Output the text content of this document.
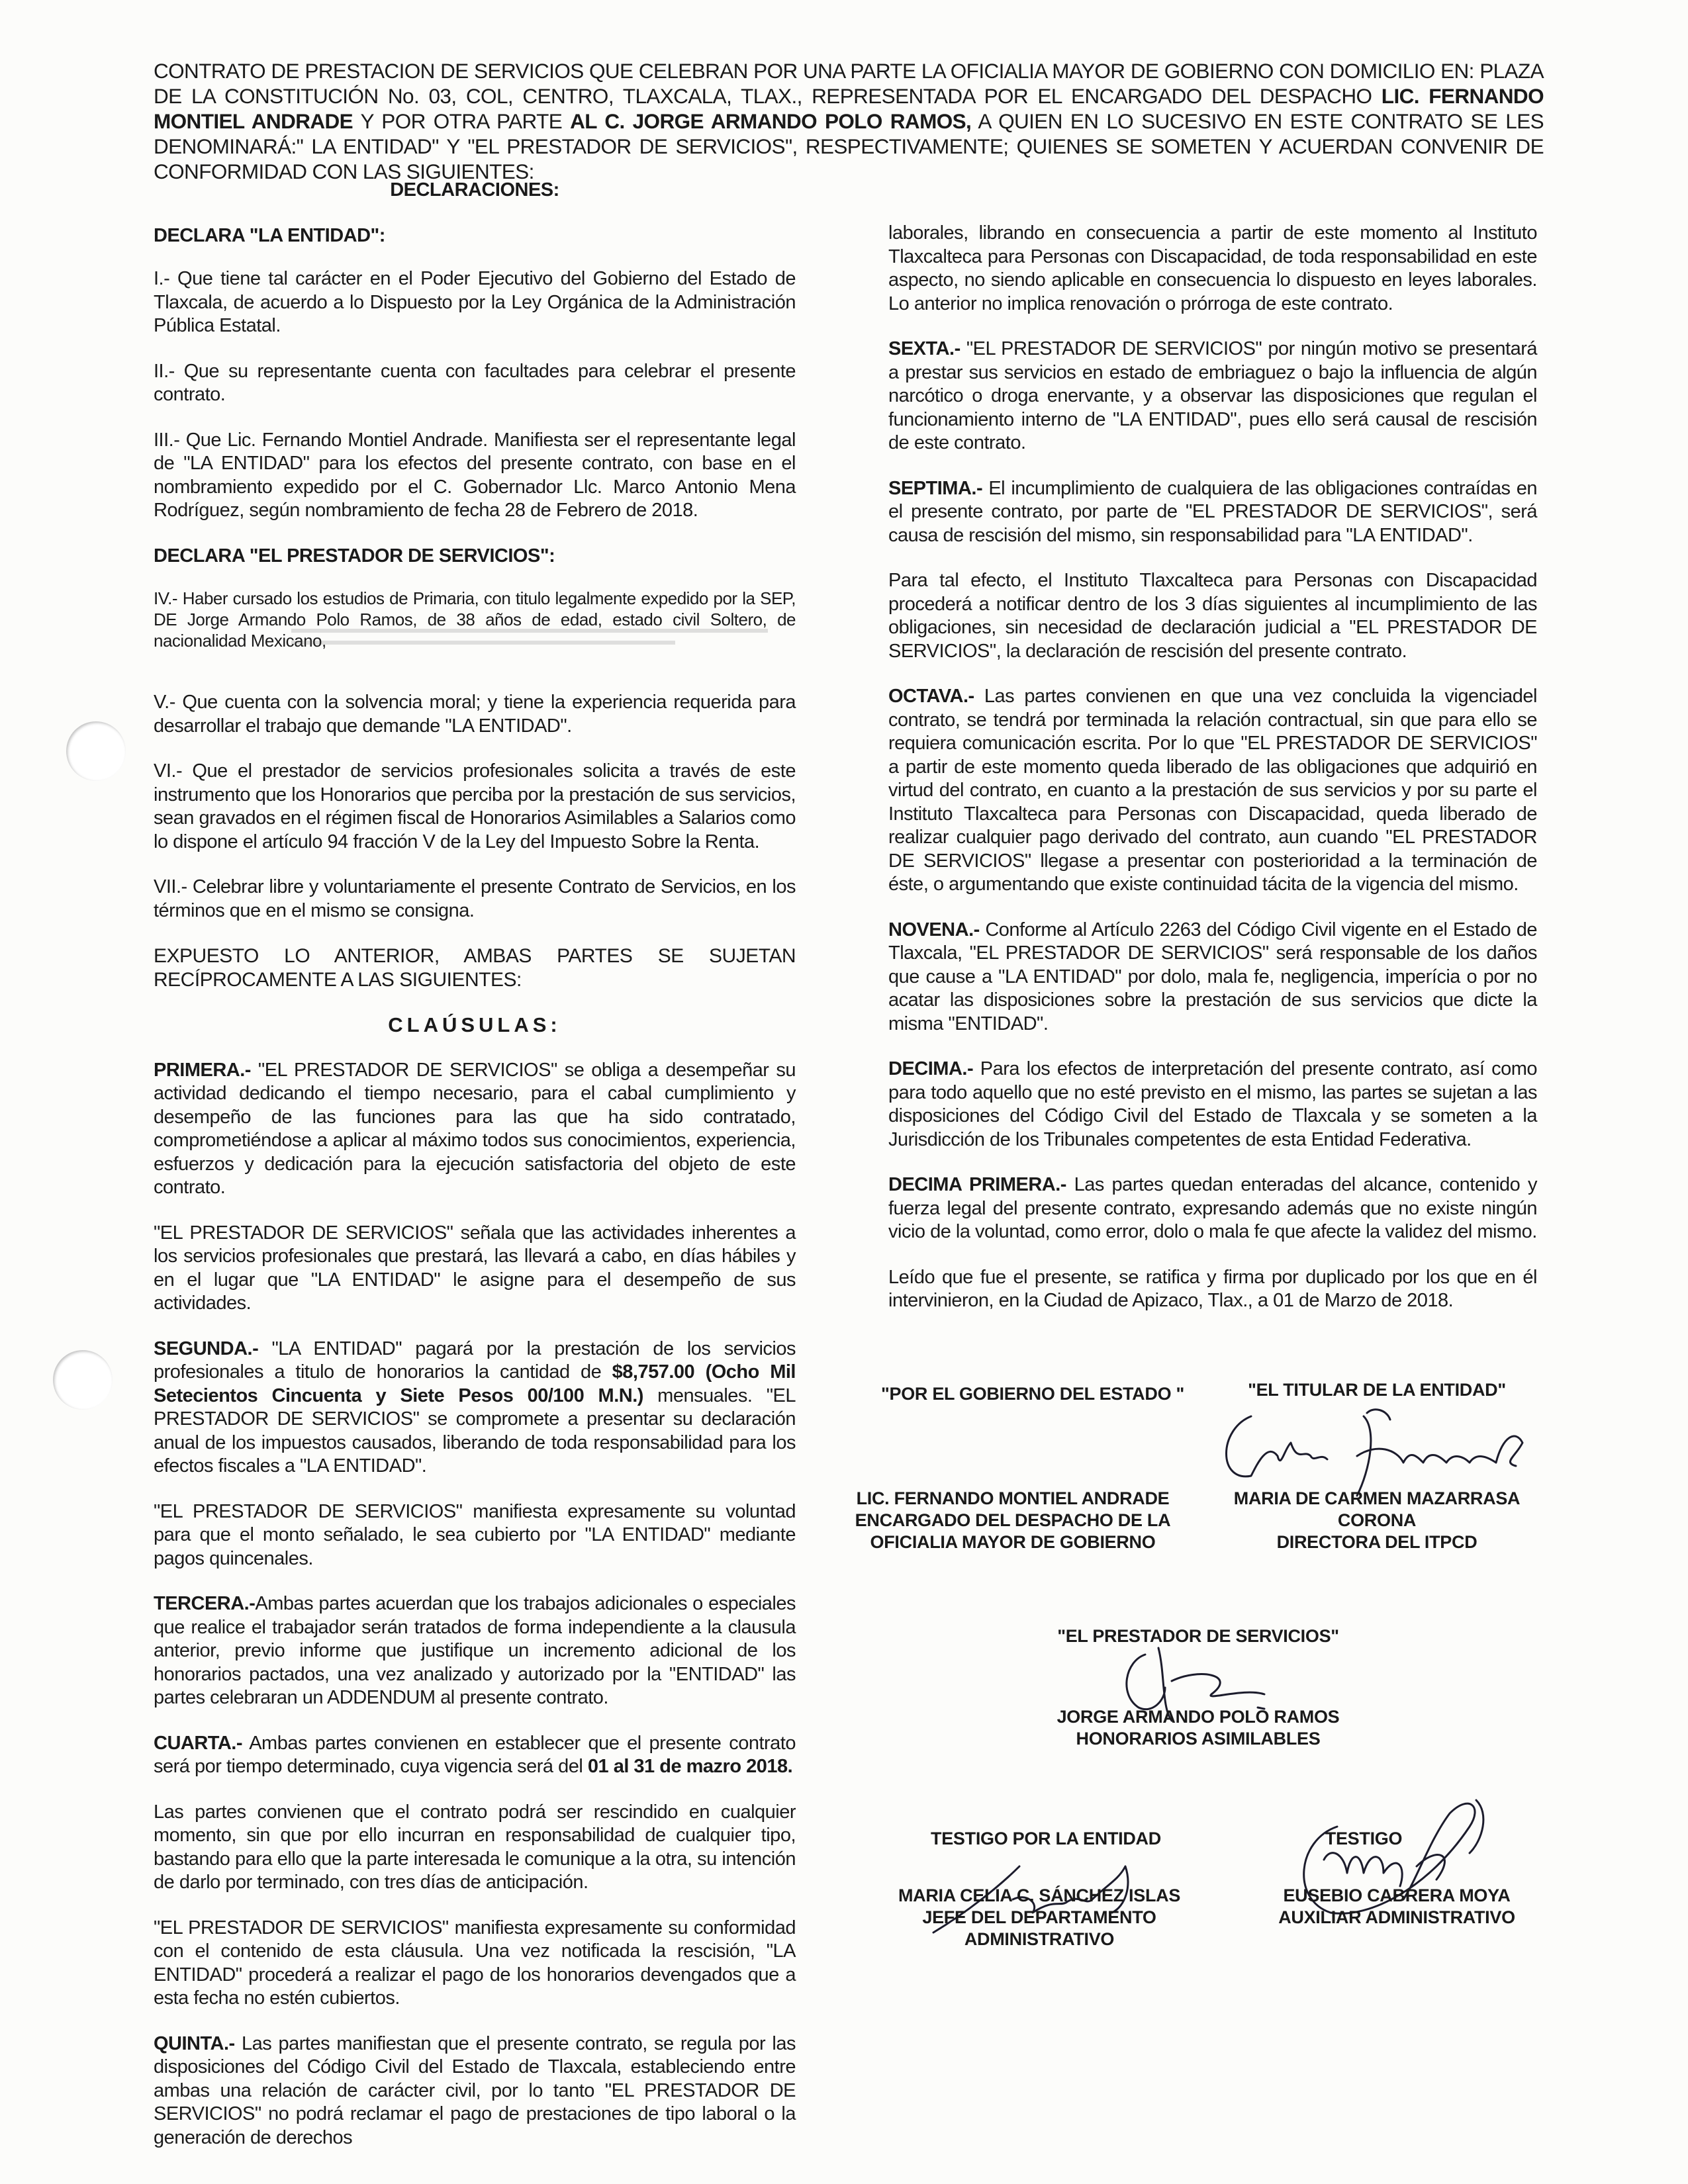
CONTRATO DE PRESTACION DE SERVICIOS QUE CELEBRAN POR UNA PARTE LA OFICIALIA MAYOR DE GOBIERNO CON DOMICILIO EN: PLAZA DE LA CONSTITUCIÓN No. 03, COL, CENTRO, TLAXCALA, TLAX., REPRESENTADA POR EL ENCARGADO DEL DESPACHO LIC. FERNANDO MONTIEL ANDRADE Y POR OTRA PARTE AL C. JORGE ARMANDO POLO RAMOS, A QUIEN EN LO SUCESIVO EN ESTE CONTRATO SE LES DENOMINARÁ:" LA ENTIDAD" Y "EL PRESTADOR DE SERVICIOS", RESPECTIVAMENTE; QUIENES SE SOMETEN Y ACUERDAN CONVENIR DE CONFORMIDAD CON LAS SIGUIENTES:

DECLARACIONES:

DECLARA "LA ENTIDAD":

I.- Que tiene tal carácter en el Poder Ejecutivo del Gobierno del Estado de Tlaxcala, de acuerdo a lo Dispuesto por la Ley Orgánica de la Administración Pública Estatal.

II.- Que su representante cuenta con facultades para celebrar el presente contrato.

III.- Que Lic. Fernando Montiel Andrade. Manifiesta ser el representante legal de "LA ENTIDAD" para los efectos del presente contrato, con base en el nombramiento expedido por el C. Gobernador Llc. Marco Antonio Mena Rodríguez, según nombramiento de fecha 28 de Febrero de 2018.

DECLARA "EL PRESTADOR DE SERVICIOS":

IV.- Haber cursado los estudios de Primaria, con titulo legalmente expedido por la SEP, DE Jorge Armando Polo Ramos, de 38 años de edad, estado civil Soltero, de nacionalidad Mexicano,

V.- Que cuenta con la solvencia moral; y tiene la experiencia requerida para desarrollar el trabajo que demande "LA ENTIDAD".

VI.- Que el prestador de servicios profesionales solicita a través de este instrumento que los Honorarios que perciba por la prestación de sus servicios, sean gravados en el régimen fiscal de Honorarios Asimilables a Salarios como lo dispone el artículo 94 fracción V de la Ley del Impuesto Sobre la Renta.

VII.- Celebrar libre y voluntariamente el presente Contrato de Servicios, en los términos que en el mismo se consigna.

EXPUESTO LO ANTERIOR, AMBAS PARTES SE SUJETAN RECÍPROCAMENTE A LAS SIGUIENTES:

CLAÚSULAS:

PRIMERA.- "EL PRESTADOR DE SERVICIOS" se obliga a desempeñar su actividad dedicando el tiempo necesario, para el cabal cumplimiento y desempeño de las funciones para las que ha sido contratado, comprometiéndose a aplicar al máximo todos sus conocimientos, experiencia, esfuerzos y dedicación para la ejecución satisfactoria del objeto de este contrato.

"EL PRESTADOR DE SERVICIOS" señala que las actividades inherentes a los servicios profesionales que prestará, las llevará a cabo, en días hábiles y en el lugar que "LA ENTIDAD" le asigne para el desempeño de sus actividades.

SEGUNDA.- "LA ENTIDAD" pagará por la prestación de los servicios profesionales a titulo de honorarios la cantidad de $8,757.00 (Ocho Mil Setecientos Cincuenta y Siete Pesos 00/100 M.N.) mensuales. "EL PRESTADOR DE SERVICIOS" se compromete a presentar su declaración anual de los impuestos causados, liberando de toda responsabilidad para los efectos fiscales a "LA ENTIDAD".

"EL PRESTADOR DE SERVICIOS" manifiesta expresamente su voluntad para que el monto señalado, le sea cubierto por "LA ENTIDAD" mediante pagos quincenales.

TERCERA.-Ambas partes acuerdan que los trabajos adicionales o especiales que realice el trabajador serán tratados de forma independiente a la clausula anterior, previo informe que justifique un incremento adicional de los honorarios pactados, una vez analizado y autorizado por la "ENTIDAD" las partes celebraran un ADDENDUM al presente contrato.

CUARTA.- Ambas partes convienen en establecer que el presente contrato será por tiempo determinado, cuya vigencia será del 01 al 31 de mazro 2018.

Las partes convienen que el contrato podrá ser rescindido en cualquier momento, sin que por ello incurran en responsabilidad de cualquier tipo, bastando para ello que la parte interesada le comunique a la otra, su intención de darlo por terminado, con tres días de anticipación.

"EL PRESTADOR DE SERVICIOS" manifiesta expresamente su conformidad con el contenido de esta cláusula. Una vez notificada la rescisión, "LA ENTIDAD" procederá a realizar el pago de los honorarios devengados que a esta fecha no estén cubiertos.

QUINTA.- Las partes manifiestan que el presente contrato, se regula por las disposiciones del Código Civil del Estado de Tlaxcala, estableciendo entre ambas una relación de carácter civil, por lo tanto "EL PRESTADOR DE SERVICIOS" no podrá reclamar el pago de prestaciones de tipo laboral o la generación de derechos

laborales, librando en consecuencia a partir de este momento al Instituto Tlaxcalteca para Personas con Discapacidad, de toda responsabilidad en este aspecto, no siendo aplicable en consecuencia lo dispuesto en leyes laborales. Lo anterior no implica renovación o prórroga de este contrato.

SEXTA.- "EL PRESTADOR DE SERVICIOS" por ningún motivo se presentará a prestar sus servicios en estado de embriaguez o bajo la influencia de algún narcótico o droga enervante, y a observar las disposiciones que regulan el funcionamiento interno de "LA ENTIDAD", pues ello será causal de rescisión de este contrato.

SEPTIMA.- El incumplimiento de cualquiera de las obligaciones contraídas en el presente contrato, por parte de "EL PRESTADOR DE SERVICIOS", será causa de rescisión del mismo, sin responsabilidad para "LA ENTIDAD".

Para tal efecto, el Instituto Tlaxcalteca para Personas con Discapacidad procederá a notificar dentro de los 3 días siguientes al incumplimiento de las obligaciones, sin necesidad de declaración judicial a "EL PRESTADOR DE SERVICIOS", la declaración de rescisión del presente contrato.

OCTAVA.- Las partes convienen en que una vez concluida la vigenciadel contrato, se tendrá por terminada la relación contractual, sin que para ello se requiera comunicación escrita. Por lo que "EL PRESTADOR DE SERVICIOS" a partir de este momento queda liberado de las obligaciones que adquirió en virtud del contrato, en cuanto a la prestación de sus servicios y por su parte el Instituto Tlaxcalteca para Personas con Discapacidad, queda liberado de realizar cualquier pago derivado del contrato, aun cuando "EL PRESTADOR DE SERVICIOS" llegase a presentar con posterioridad a la terminación de éste, o argumentando que existe continuidad tácita de la vigencia del mismo.

NOVENA.- Conforme al Artículo 2263 del Código Civil vigente en el Estado de Tlaxcala, "EL PRESTADOR DE SERVICIOS" será responsable de los daños que cause a "LA ENTIDAD" por dolo, mala fe, negligencia, imperícia o por no acatar las disposiciones sobre la prestación de sus servicios que dicte la misma "ENTIDAD".

DECIMA.- Para los efectos de interpretación del presente contrato, así como para todo aquello que no esté previsto en el mismo, las partes se sujetan a las disposiciones del Código Civil del Estado de Tlaxcala y se someten a la Jurisdicción de los Tribunales competentes de esta Entidad Federativa.

DECIMA PRIMERA.- Las partes quedan enteradas del alcance, contenido y fuerza legal del presente contrato, expresando además que no existe ningún vicio de la voluntad, como error, dolo o mala fe que afecte la validez del mismo.

Leído que fue el presente, se ratifica y firma por duplicado por los que en él intervinieron, en la Ciudad de Apizaco, Tlax., a 01 de Marzo de 2018.

"POR EL GOBIERNO DEL ESTADO "	"EL TITULAR DE LA ENTIDAD"
LIC. FERNANDO MONTIEL ANDRADE
ENCARGADO DEL DESPACHO DE LA
OFICIALIA MAYOR DE GOBIERNO
MARIA DE CARMEN MAZARRASA
CORONA
DIRECTORA DEL ITPCD
"EL PRESTADOR DE SERVICIOS"
JORGE ARMANDO POLO RAMOS
HONORARIOS ASIMILABLES
TESTIGO POR LA ENTIDAD	TESTIGO
MARIA CELIA C. SÁNCHEZ ISLAS
JEFE DEL DEPARTAMENTO
ADMINISTRATIVO
EUSEBIO CABRERA MOYA
AUXILIAR ADMINISTRATIVO
